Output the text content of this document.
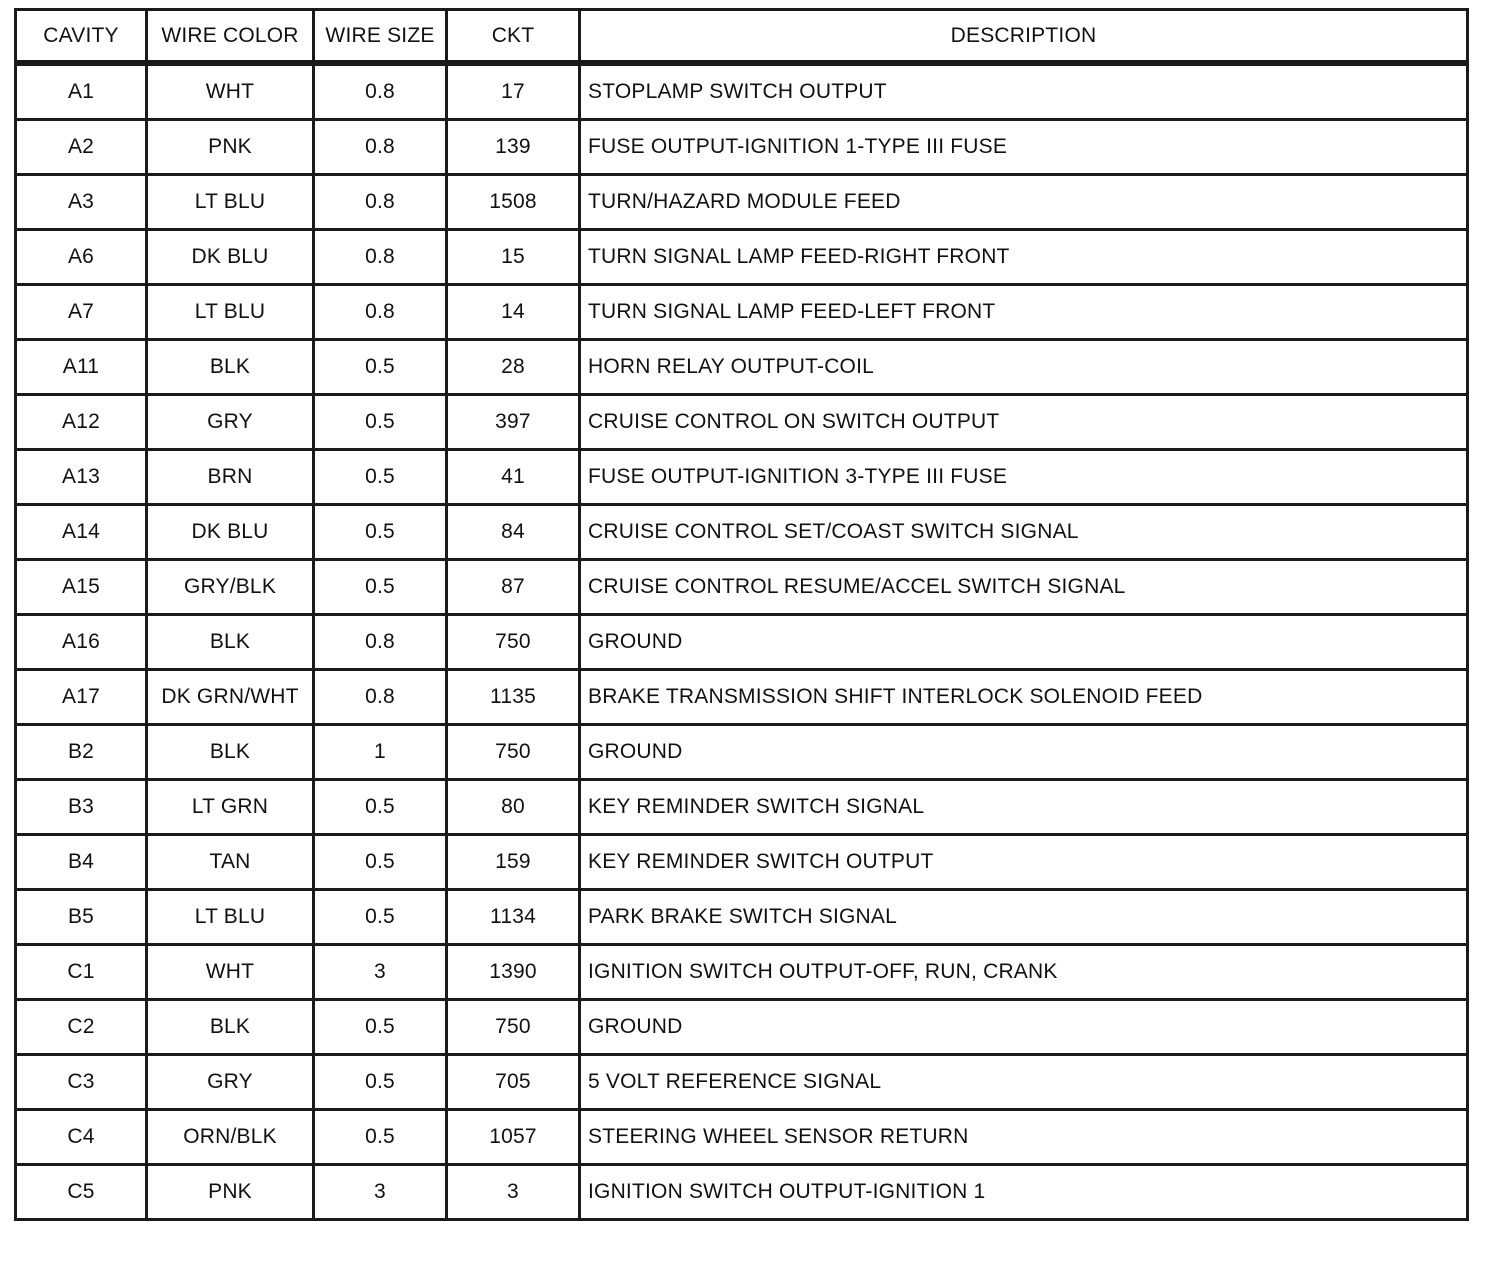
CAVITY	WIRE COLOR	WIRE SIZE	CKT	DESCRIPTION
A1	WHT	0.8	17	STOPLAMP SWITCH OUTPUT
A2	PNK	0.8	139	FUSE OUTPUT-IGNITION 1-TYPE III FUSE
A3	LT BLU	0.8	1508	TURN/HAZARD MODULE FEED
A6	DK BLU	0.8	15	TURN SIGNAL LAMP FEED-RIGHT FRONT
A7	LT BLU	0.8	14	TURN SIGNAL LAMP FEED-LEFT FRONT
A11	BLK	0.5	28	HORN RELAY OUTPUT-COIL
A12	GRY	0.5	397	CRUISE CONTROL ON SWITCH OUTPUT
A13	BRN	0.5	41	FUSE OUTPUT-IGNITION 3-TYPE III FUSE
A14	DK BLU	0.5	84	CRUISE CONTROL SET/COAST SWITCH SIGNAL
A15	GRY/BLK	0.5	87	CRUISE CONTROL RESUME/ACCEL SWITCH SIGNAL
A16	BLK	0.8	750	GROUND
A17	DK GRN/WHT	0.8	1135	BRAKE TRANSMISSION SHIFT INTERLOCK SOLENOID FEED
B2	BLK	1	750	GROUND
B3	LT GRN	0.5	80	KEY REMINDER SWITCH SIGNAL
B4	TAN	0.5	159	KEY REMINDER SWITCH OUTPUT
B5	LT BLU	0.5	1134	PARK BRAKE SWITCH SIGNAL
C1	WHT	3	1390	IGNITION SWITCH OUTPUT-OFF, RUN, CRANK
C2	BLK	0.5	750	GROUND
C3	GRY	0.5	705	5 VOLT REFERENCE SIGNAL
C4	ORN/BLK	0.5	1057	STEERING WHEEL SENSOR RETURN
C5	PNK	3	3	IGNITION SWITCH OUTPUT-IGNITION 1
